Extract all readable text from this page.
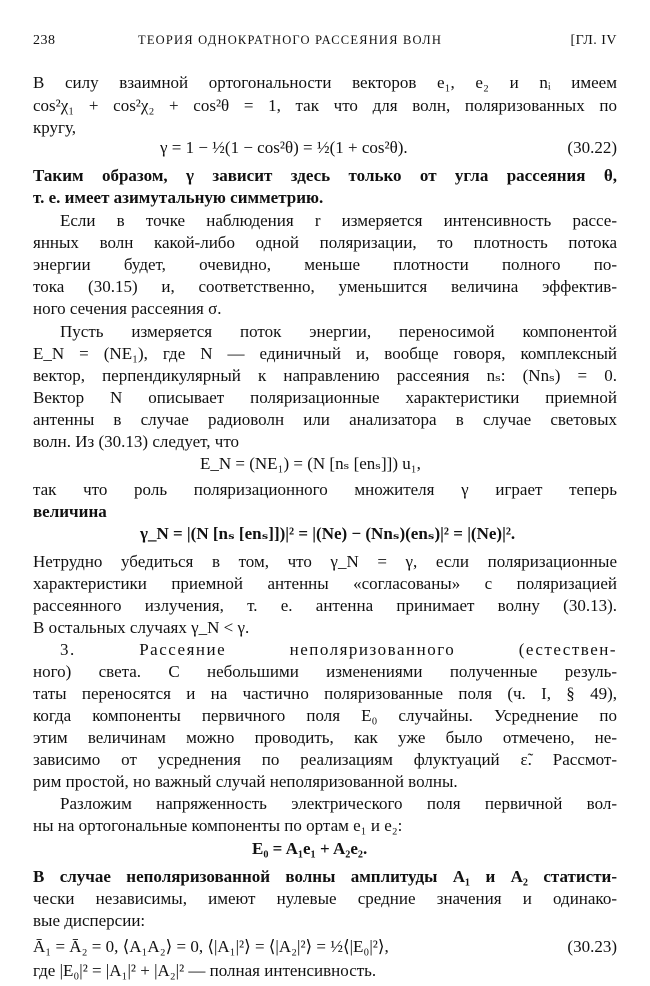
238	ТЕОРИЯ ОДНОКРАТНОГО РАССЕЯНИЯ ВОЛН	[ГЛ. IV
В силу взаимной ортогональности векторов e₁, e₂ и nᵢ имеем
cos²χ₁ + cos²χ₂ + cos²θ = 1, так что для волн, поляризованных по
кругу,
γ = 1 − ½(1 − cos²θ) = ½(1 + cos²θ).	(30.22)
Таким образом, γ зависит здесь только от угла рассеяния θ,
т. е. имеет азимутальную симметрию.
Если в точке наблюдения r измеряется интенсивность рассе-
янных волн какой-либо одной поляризации, то плотность потока
энергии будет, очевидно, меньше плотности полного по-
тока (30.15) и, соответственно, уменьшится величина эффектив-
ного сечения рассеяния σ.
Пусть измеряется поток энергии, переносимой компонентой
E_N = (NE₁), где N — единичный и, вообще говоря, комплексный
вектор, перпендикулярный к направлению рассеяния nₛ: (Nnₛ) = 0.
Вектор N описывает поляризационные характеристики приемной
антенны в случае радиоволн или анализатора в случае световых
волн. Из (30.13) следует, что
E_N = (NE₁) = (N [nₛ [enₛ]]) u₁,
так что роль поляризационного множителя γ играет теперь
величина
γ_N = |(N [nₛ [enₛ]])|² = |(Ne) − (Nnₛ)(enₛ)|² = |(Ne)|².
Нетрудно убедиться в том, что γ_N = γ, если поляризационные
характеристики приемной антенны «согласованы» с поляризацией
рассеянного излучения, т. е. антенна принимает волну (30.13).
В остальных случаях γ_N < γ.
3. Рассеяние неполяризованного (естествен-
ного) света. С небольшими изменениями полученные резуль-
таты переносятся и на частично поляризованные поля (ч. I, § 49),
когда компоненты первичного поля E₀ случайны. Усреднение по
этим величинам можно проводить, как уже было отмечено, не-
зависимо от усреднения по реализациям флуктуаций ε̃. Рассмот-
рим простой, но важный случай неполяризованной волны.
Разложим напряженность электрического поля первичной вол-
ны на ортогональные компоненты по ортам e₁ и e₂:
E₀ = A₁e₁ + A₂e₂.
В случае неполяризованной волны амплитуды A₁ и A₂ статисти-
чески независимы, имеют нулевые средние значения и одинако-
вые дисперсии:
Ā₁ = Ā₂ = 0, ⟨A₁A₂⟩ = 0, ⟨|A₁|²⟩ = ⟨|A₂|²⟩ = ½⟨|E₀|²⟩,	(30.23)
где |E₀|² = |A₁|² + |A₂|² — полная интенсивность.
